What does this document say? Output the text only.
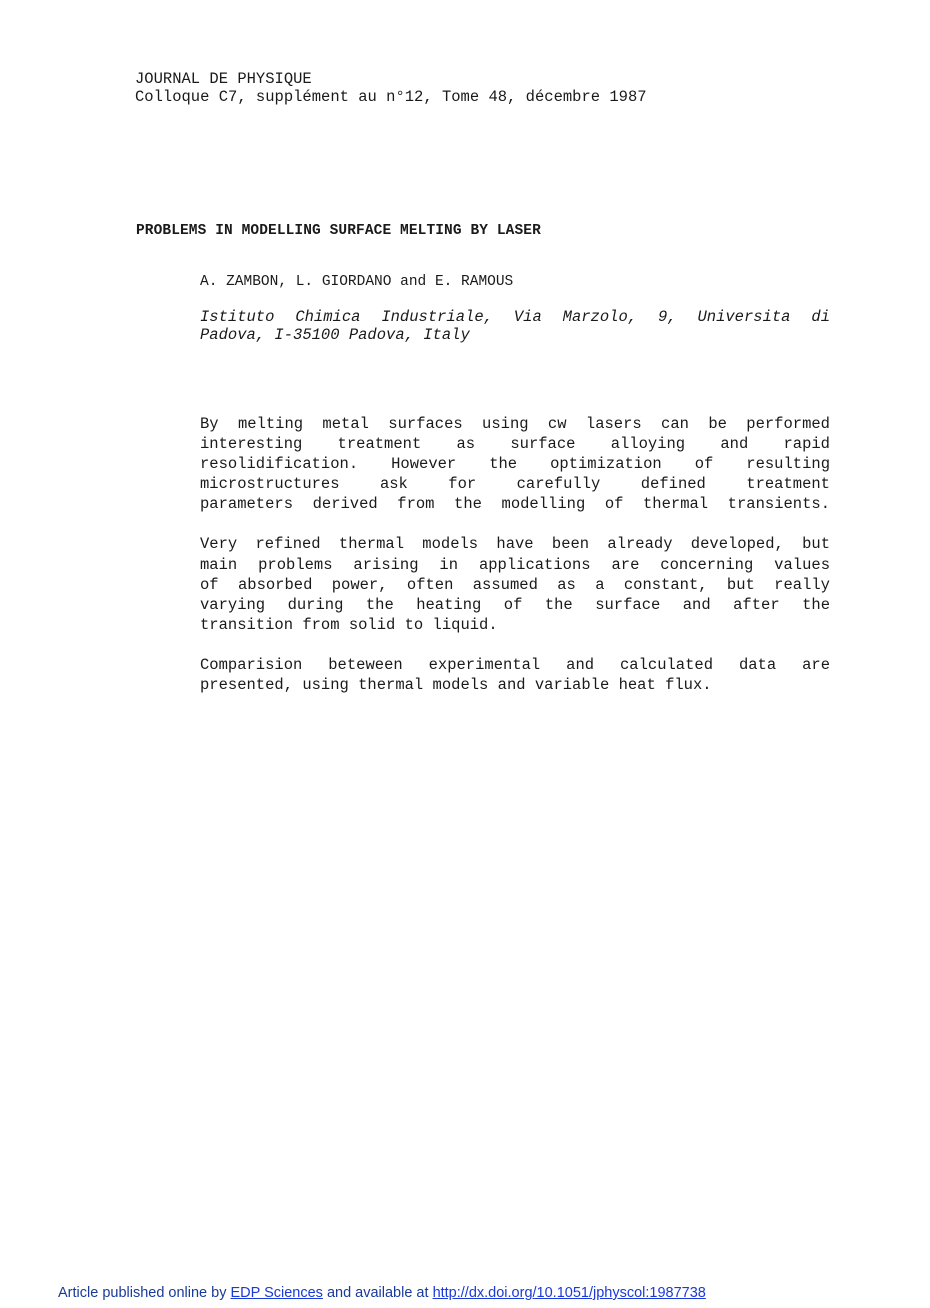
JOURNAL DE PHYSIQUE
Colloque C7, supplément au n°12, Tome 48, décembre 1987
PROBLEMS IN MODELLING SURFACE MELTING BY LASER
A. ZAMBON, L. GIORDANO and E. RAMOUS
Istituto Chimica Industriale, Via Marzolo, 9, Universita di
Padova, I-35100 Padova, Italy
By melting metal surfaces using cw lasers can be performed
interesting treatment as surface alloying and rapid
resolidification. However the optimization of resulting
microstructures ask for carefully defined treatment
parameters derived from the modelling of thermal transients.
Very refined thermal models have been already developed, but
main problems arising in applications are concerning values
of absorbed power, often assumed as a constant, but really
varying during the heating of the surface and after the
transition from solid to liquid.
Comparision beteween experimental and calculated data are
presented, using thermal models and variable heat flux.
Article published online by EDP Sciences and available at http://dx.doi.org/10.1051/jphyscol:1987738
